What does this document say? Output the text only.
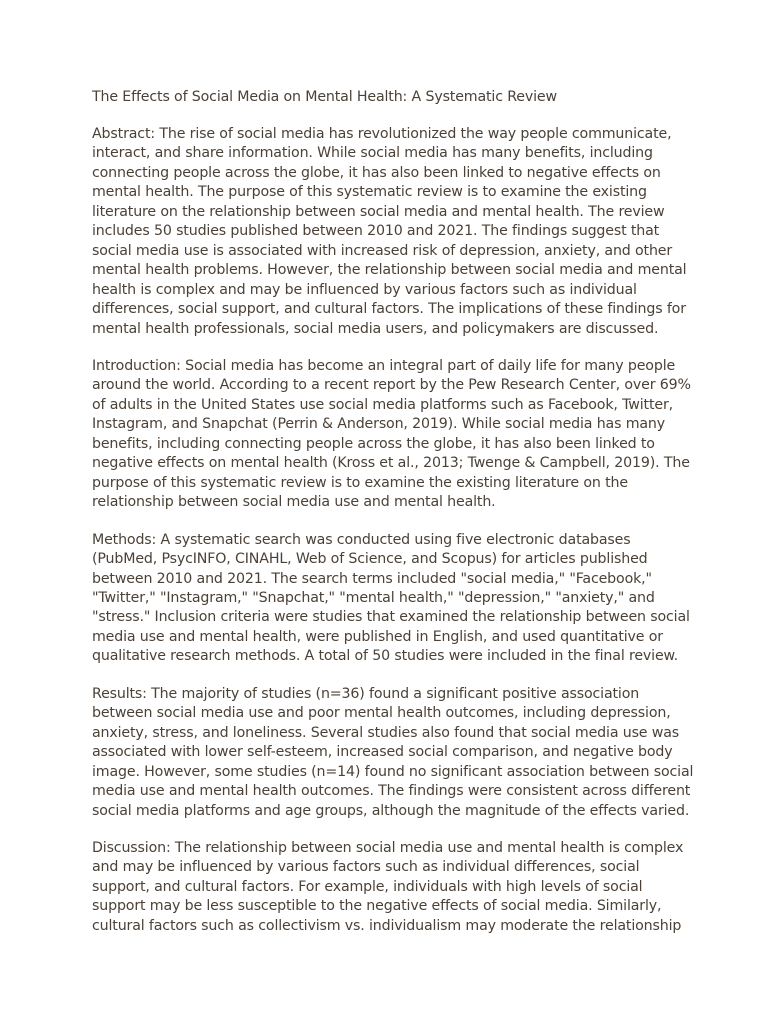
The Effects of Social Media on Mental Health: A Systematic Review
Abstract: The rise of social media has revolutionized the way people communicate,
interact, and share information. While social media has many benefits, including
connecting people across the globe, it has also been linked to negative effects on
mental health. The purpose of this systematic review is to examine the existing
literature on the relationship between social media and mental health. The review
includes 50 studies published between 2010 and 2021. The findings suggest that
social media use is associated with increased risk of depression, anxiety, and other
mental health problems. However, the relationship between social media and mental
health is complex and may be influenced by various factors such as individual
differences, social support, and cultural factors. The implications of these findings for
mental health professionals, social media users, and policymakers are discussed.
Introduction: Social media has become an integral part of daily life for many people
around the world. According to a recent report by the Pew Research Center, over 69%
of adults in the United States use social media platforms such as Facebook, Twitter,
Instagram, and Snapchat (Perrin & Anderson, 2019). While social media has many
benefits, including connecting people across the globe, it has also been linked to
negative effects on mental health (Kross et al., 2013; Twenge & Campbell, 2019). The
purpose of this systematic review is to examine the existing literature on the
relationship between social media use and mental health.
Methods: A systematic search was conducted using five electronic databases
(PubMed, PsycINFO, CINAHL, Web of Science, and Scopus) for articles published
between 2010 and 2021. The search terms included "social media," "Facebook,"
"Twitter," "Instagram," "Snapchat," "mental health," "depression," "anxiety," and
"stress." Inclusion criteria were studies that examined the relationship between social
media use and mental health, were published in English, and used quantitative or
qualitative research methods. A total of 50 studies were included in the final review.
Results: The majority of studies (n=36) found a significant positive association
between social media use and poor mental health outcomes, including depression,
anxiety, stress, and loneliness. Several studies also found that social media use was
associated with lower self-esteem, increased social comparison, and negative body
image. However, some studies (n=14) found no significant association between social
media use and mental health outcomes. The findings were consistent across different
social media platforms and age groups, although the magnitude of the effects varied.
Discussion: The relationship between social media use and mental health is complex
and may be influenced by various factors such as individual differences, social
support, and cultural factors. For example, individuals with high levels of social
support may be less susceptible to the negative effects of social media. Similarly,
cultural factors such as collectivism vs. individualism may moderate the relationship
